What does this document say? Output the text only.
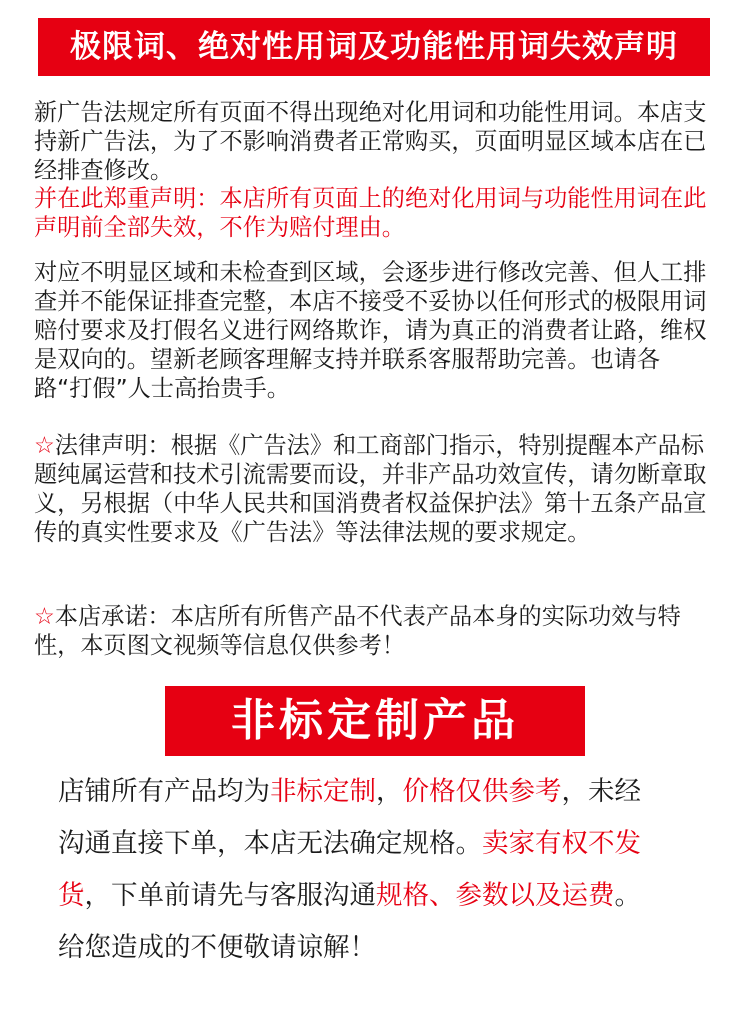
极限词、绝对性用词及功能性用词失效声明

新广告法规定所有页面不得出现绝对化用词和功能性用词。本店支持新广告法，为了不影响消费者正常购买，页面明显区域本店在已经排查修改。

并在此郑重声明：本店所有页面上的绝对化用词与功能性用词在此声明前全部失效，不作为赔付理由。

对应不明显区域和未检查到区域，会逐步进行修改完善、但人工排查并不能保证排查完整，本店不接受不妥协以任何形式的极限用词赔付要求及打假名义进行网络欺诈，请为真正的消费者让路，维权是双向的。望新老顾客理解支持并联系客服帮助完善。也请各路“打假”人士高抬贵手。

☆法律声明：根据《广告法》和工商部门指示，特别提醒本产品标题纯属运营和技术引流需要而设，并非产品功效宣传，请勿断章取义，另根据（中华人民共和国消费者权益保护法》第十五条产品宣传的真实性要求及《广告法》等法律法规的要求规定。

☆本店承诺：本店所有所售产品不代表产品本身的实际功效与特
性，本页图文视频等信息仅供参考！

非标定制产品
店铺所有产品均为非标定制，价格仅供参考，未经
沟通直接下单，本店无法确定规格。卖家有权不发
货，下单前请先与客服沟通规格、参数以及运费。
给您造成的不便敬请谅解！
